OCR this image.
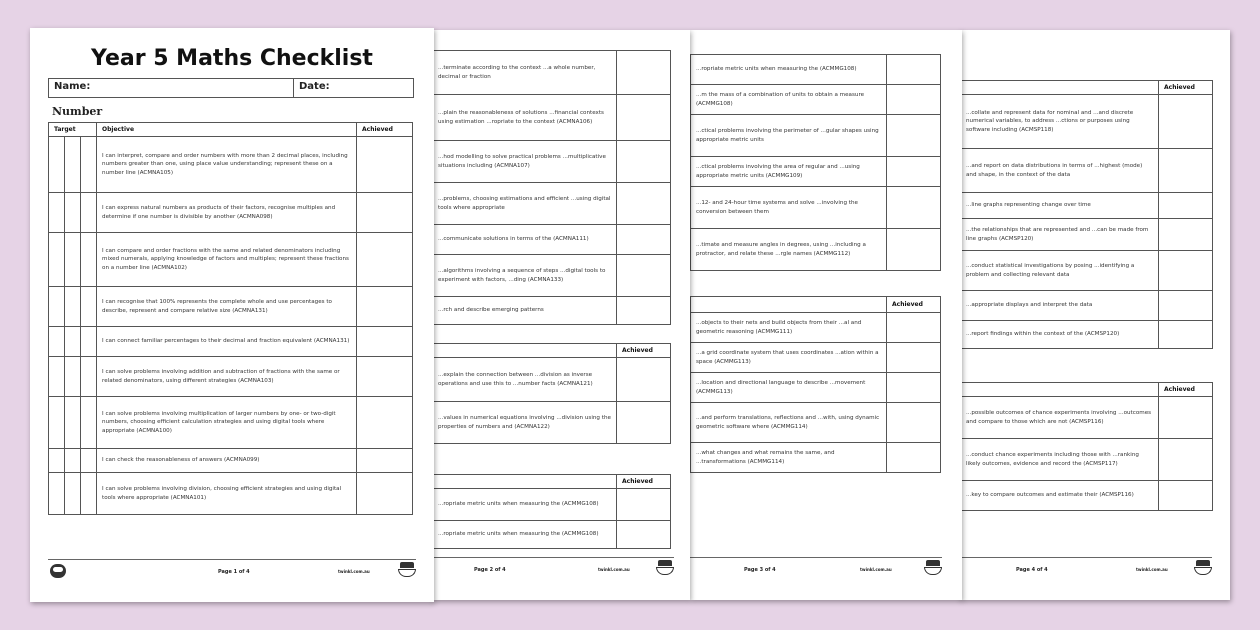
Year 5 Maths Checklist
Name:	Date:
Number
Target			Objective	Achieved
			I can interpret, compare and order numbers with more than 2 decimal places, including numbers greater than one, using place value understanding; represent these on a number line (ACMNA105)	
			I can express natural numbers as products of their factors, recognise multiples and determine if one number is divisible by another (ACMNA098)	
			I can compare and order fractions with the same and related denominators including mixed numerals, applying knowledge of factors and multiples; represent these fractions on a number line (ACMNA102)	
			I can recognise that 100% represents the complete whole and use percentages to describe, represent and compare relative size (ACMNA131)	
			I can connect familiar percentages to their decimal and fraction equivalent (ACMNA131)	
			I can solve problems involving addition and subtraction of fractions with the same or related denominators, using different strategies (ACMNA103)	
			I can solve problems involving multiplication of larger numbers by one- or two-digit numbers, choosing efficient calculation strategies and using digital tools where appropriate (ACMNA100)	
			I can check the reasonableness of answers (ACMNA099)	
			I can solve problems involving division, choosing efficient strategies and using digital tools where appropriate (ACMNA101)	
Page 1 of 4	twinkl.com.au
...terminate according to the context ...a whole number, decimal or fraction	
...plain the reasonableness of solutions ...financial contexts using estimation ...ropriate to the context (ACMNA106)	
...hod modelling to solve practical problems ...multiplicative situations including (ACMNA107)	
...problems, choosing estimations and efficient ...using digital tools where appropriate	
...communicate solutions in terms of the (ACMNA111)	
...algorithms involving a sequence of steps ...digital tools to experiment with factors, ...ding (ACMNA133)	
...rch and describe emerging patterns	
	Achieved
...explain the connection between ...division as inverse operations and use this to ...number facts (ACMNA121)	
...values in numerical equations involving ...division using the properties of numbers and (ACMNA122)	
	Achieved
...ropriate metric units when measuring the (ACMMG108)	
...ropriate metric units when measuring the (ACMMG108)	
Page 2 of 4	twinkl.com.au
...ropriate metric units when measuring the (ACMMG108)	
...m the mass of a combination of units to obtain a measure (ACMMG108)	
...ctical problems involving the perimeter of ...gular shapes using appropriate metric units	
...ctical problems involving the area of regular and ...using appropriate metric units (ACMMG109)	
...12- and 24-hour time systems and solve ...involving the conversion between them	
...timate and measure angles in degrees, using ...including a protractor, and relate these ...rgle names (ACMMG112)	
	Achieved
...objects to their nets and build objects from their ...al and geometric reasoning (ACMMG111)	
...a grid coordinate system that uses coordinates ...ation within a space (ACMMG113)	
...location and directional language to describe ...movement (ACMMG113)	
...and perform translations, reflections and ...with, using dynamic geometric software where (ACMMG114)	
...what changes and what remains the same, and ...transformations (ACMMG114)	
Page 3 of 4	twinkl.com.au
	Achieved
...collate and represent data for nominal and ...and discrete numerical variables, to address ...ctions or purposes using software including (ACMSP118)	
...and report on data distributions in terms of ...highest (mode) and shape, in the context of the data	
...line graphs representing change over time	
...the relationships that are represented and ...can be made from line graphs (ACMSP120)	
...conduct statistical investigations by posing ...identifying a problem and collecting relevant data	
...appropriate displays and interpret the data	
...report findings within the context of the (ACMSP120)	
	Achieved
...possible outcomes of chance experiments involving ...outcomes and compare to those which are not (ACMSP116)	
...conduct chance experiments including those with ...ranking likely outcomes, evidence and record the (ACMSP117)	
...key to compare outcomes and estimate their (ACMSP116)	
Page 4 of 4	twinkl.com.au
